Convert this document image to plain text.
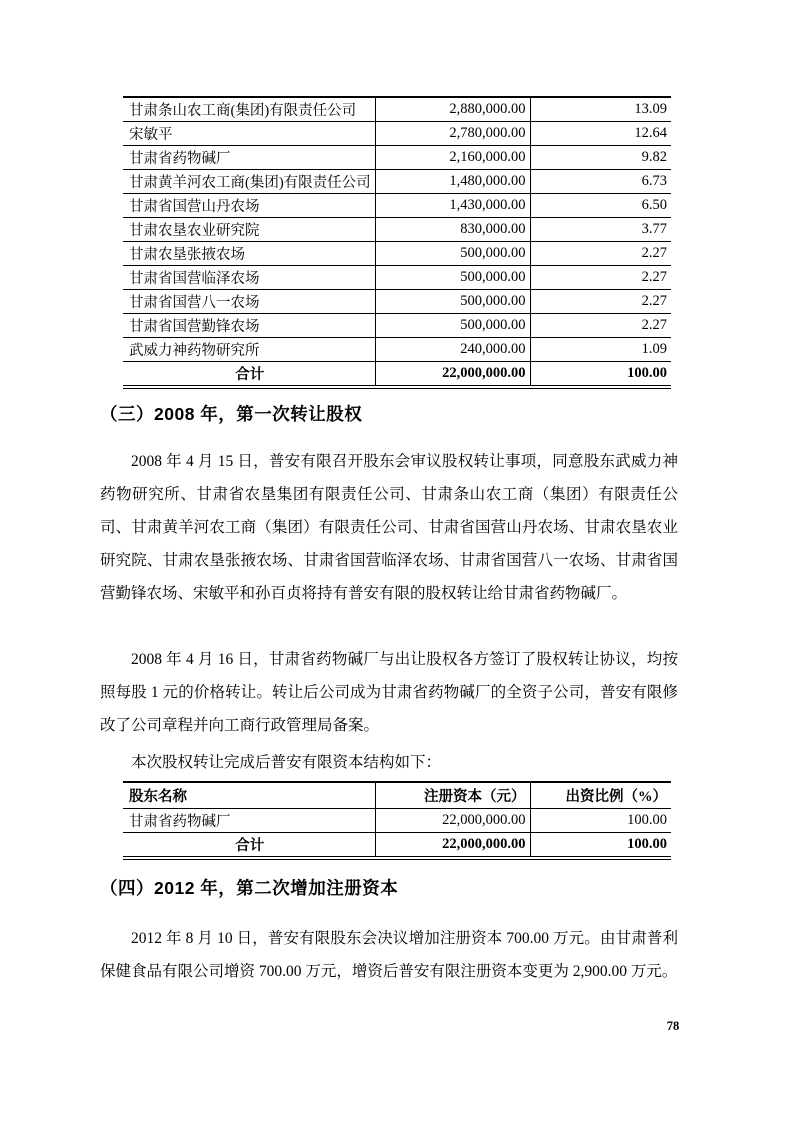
甘肃条山农工商(集团)有限责任公司	2,880,000.00	13.09
宋敏平	2,780,000.00	12.64
甘肃省药物碱厂	2,160,000.00	9.82
甘肃黄羊河农工商(集团)有限责任公司	1,480,000.00	6.73
甘肃省国营山丹农场	1,430,000.00	6.50
甘肃农垦农业研究院	830,000.00	3.77
甘肃农垦张掖农场	500,000.00	2.27
甘肃省国营临泽农场	500,000.00	2.27
甘肃省国营八一农场	500,000.00	2.27
甘肃省国营勤锋农场	500,000.00	2.27
武威力神药物研究所	240,000.00	1.09
合计	22,000,000.00	100.00
（三）2008 年，第一次转让股权
2008 年 4 月 15 日，普安有限召开股东会审议股权转让事项，同意股东武威力神药物研究所、甘肃省农垦集团有限责任公司、甘肃条山农工商（集团）有限责任公司、甘肃黄羊河农工商（集团）有限责任公司、甘肃省国营山丹农场、甘肃农垦农业研究院、甘肃农垦张掖农场、甘肃省国营临泽农场、甘肃省国营八一农场、甘肃省国营勤锋农场、宋敏平和孙百贞将持有普安有限的股权转让给甘肃省药物碱厂。
2008 年 4 月 16 日，甘肃省药物碱厂与出让股权各方签订了股权转让协议，均按照每股 1 元的价格转让。转让后公司成为甘肃省药物碱厂的全资子公司，普安有限修改了公司章程并向工商行政管理局备案。
本次股权转让完成后普安有限资本结构如下：
股东名称	注册资本（元）	出资比例（%）
甘肃省药物碱厂	22,000,000.00	100.00
合计	22,000,000.00	100.00
（四）2012 年，第二次增加注册资本
2012 年 8 月 10 日，普安有限股东会决议增加注册资本 700.00 万元。由甘肃普利保健食品有限公司增资 700.00 万元，增资后普安有限注册资本变更为 2,900.00 万元。
78
